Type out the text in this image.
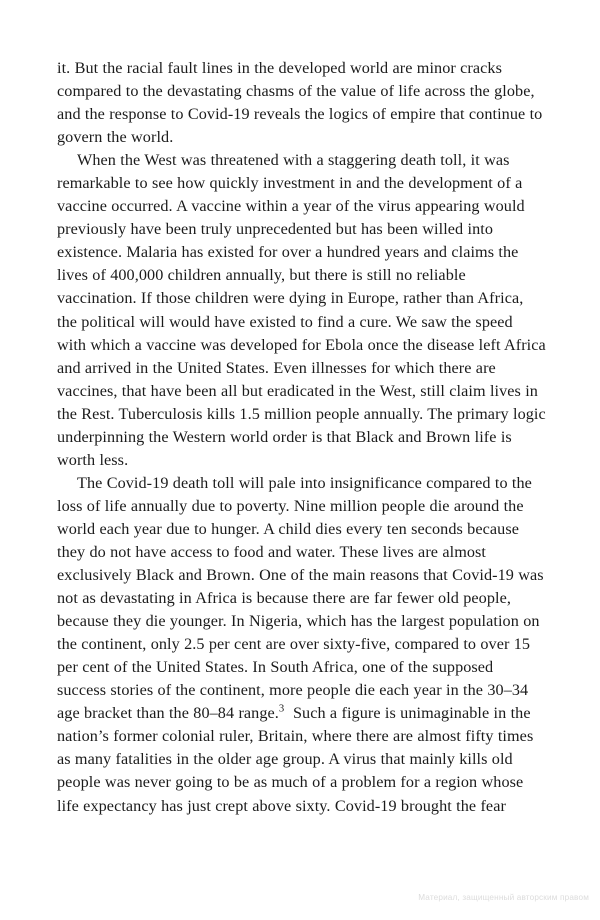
it. But the racial fault lines in the developed world are minor cracks compared to the devastating chasms of the value of life across the globe, and the response to Covid-19 reveals the logics of empire that continue to govern the world.

When the West was threatened with a staggering death toll, it was remarkable to see how quickly investment in and the development of a vaccine occurred. A vaccine within a year of the virus appearing would previously have been truly unprecedented but has been willed into existence. Malaria has existed for over a hundred years and claims the lives of 400,000 children annually, but there is still no reliable vaccination. If those children were dying in Europe, rather than Africa, the political will would have existed to find a cure. We saw the speed with which a vaccine was developed for Ebola once the disease left Africa and arrived in the United States. Even illnesses for which there are vaccines, that have been all but eradicated in the West, still claim lives in the Rest. Tuberculosis kills 1.5 million people annually. The primary logic underpinning the Western world order is that Black and Brown life is worth less.

The Covid-19 death toll will pale into insignificance compared to the loss of life annually due to poverty. Nine million people die around the world each year due to hunger. A child dies every ten seconds because they do not have access to food and water. These lives are almost exclusively Black and Brown. One of the main reasons that Covid-19 was not as devastating in Africa is because there are far fewer old people, because they die younger. In Nigeria, which has the largest population on the continent, only 2.5 per cent are over sixty-five, compared to over 15 per cent of the United States. In South Africa, one of the supposed success stories of the continent, more people die each year in the 30–34 age bracket than the 80–84 range.$^3$  Such a figure is unimaginable in the nation’s former colonial ruler, Britain, where there are almost fifty times as many fatalities in the older age group. A virus that mainly kills old people was never going to be as much of a problem for a region whose life expectancy has just crept above sixty. Covid-19 brought the fear

Материал, защищенный авторским правом
